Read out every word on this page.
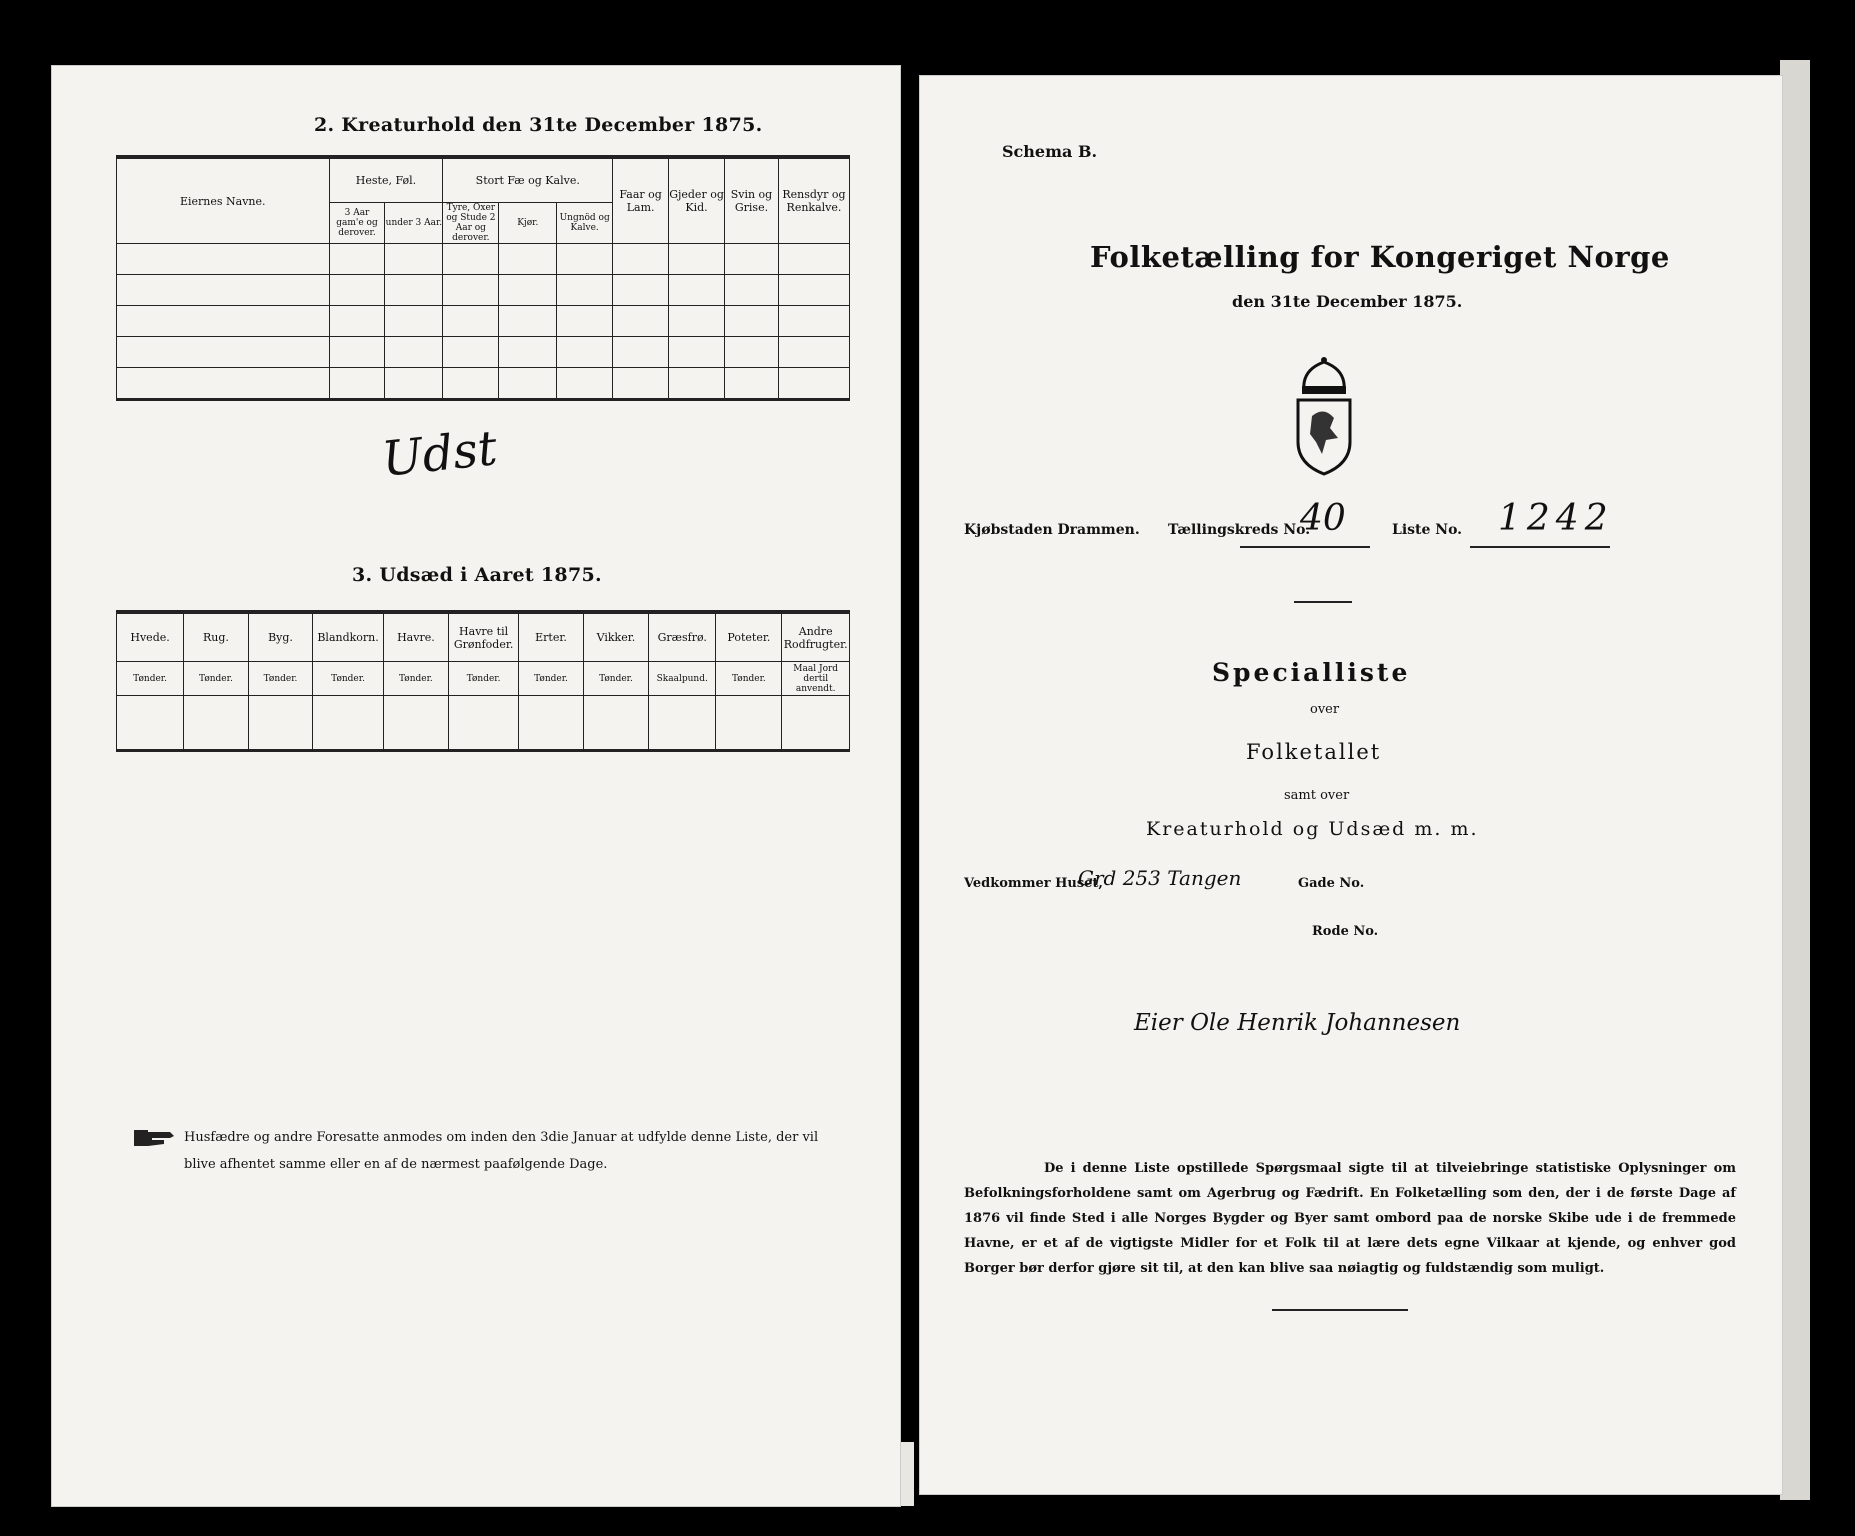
2. Kreaturhold den 31te December 1875.
Eiernes Navne.	Heste, Føl.		Stort Fæ og Kalve.			Faar og Lam.	Gjeder og Kid.	Svin og Grise.	Rensdyr og Renkalve.
	3 Aar gam'e og derover.	under 3 Aar.	Tyre, Oxer og Stude 2 Aar og derover.	Kjør.	Ungnöd og Kalve.				

Udst
3. Udsæd i Aaret 1875.
Hvede.	Rug.	Byg.	Blandkorn.	Havre.	Havre til Grønfoder.	Erter.	Vikker.	Græsfrø.	Poteter.	Andre Rodfrugter.
Tønder.	Tønder.	Tønder.	Tønder.	Tønder.	Tønder.	Tønder.	Tønder.	Skaalpund.	Tønder.	Maal Jord dertil anvendt.

Husfædre og andre Foresatte anmodes om inden den 3die Januar at udfylde denne Liste, der vil blive afhentet samme eller en af de nærmest paafølgende Dage.
Schema B.
Folketælling for Kongeriget Norge
den 31te December 1875.
Kjøbstaden Drammen. Tællingskreds No.
40	Liste No. 1242
Specialliste
over
Folketallet
samt over
Kreaturhold og Udsæd m. m.
Vedkommer Huset,
Grd 253 Tangen	Gade No.
Rode No.
Eier Ole Henrik Johannesen
De i denne Liste opstillede Spørgsmaal sigte til at tilveiebringe statistiske Oplysninger om Befolkningsforholdene samt om Agerbrug og Fædrift. En Folketælling som den, der i de første Dage af 1876 vil finde Sted i alle Norges Bygder og Byer samt ombord paa de norske Skibe ude i de fremmede Havne, er et af de vigtigste Midler for et Folk til at lære dets egne Vilkaar at kjende, og enhver god Borger bør derfor gjøre sit til, at den kan blive saa nøiagtig og fuldstændig som muligt.
